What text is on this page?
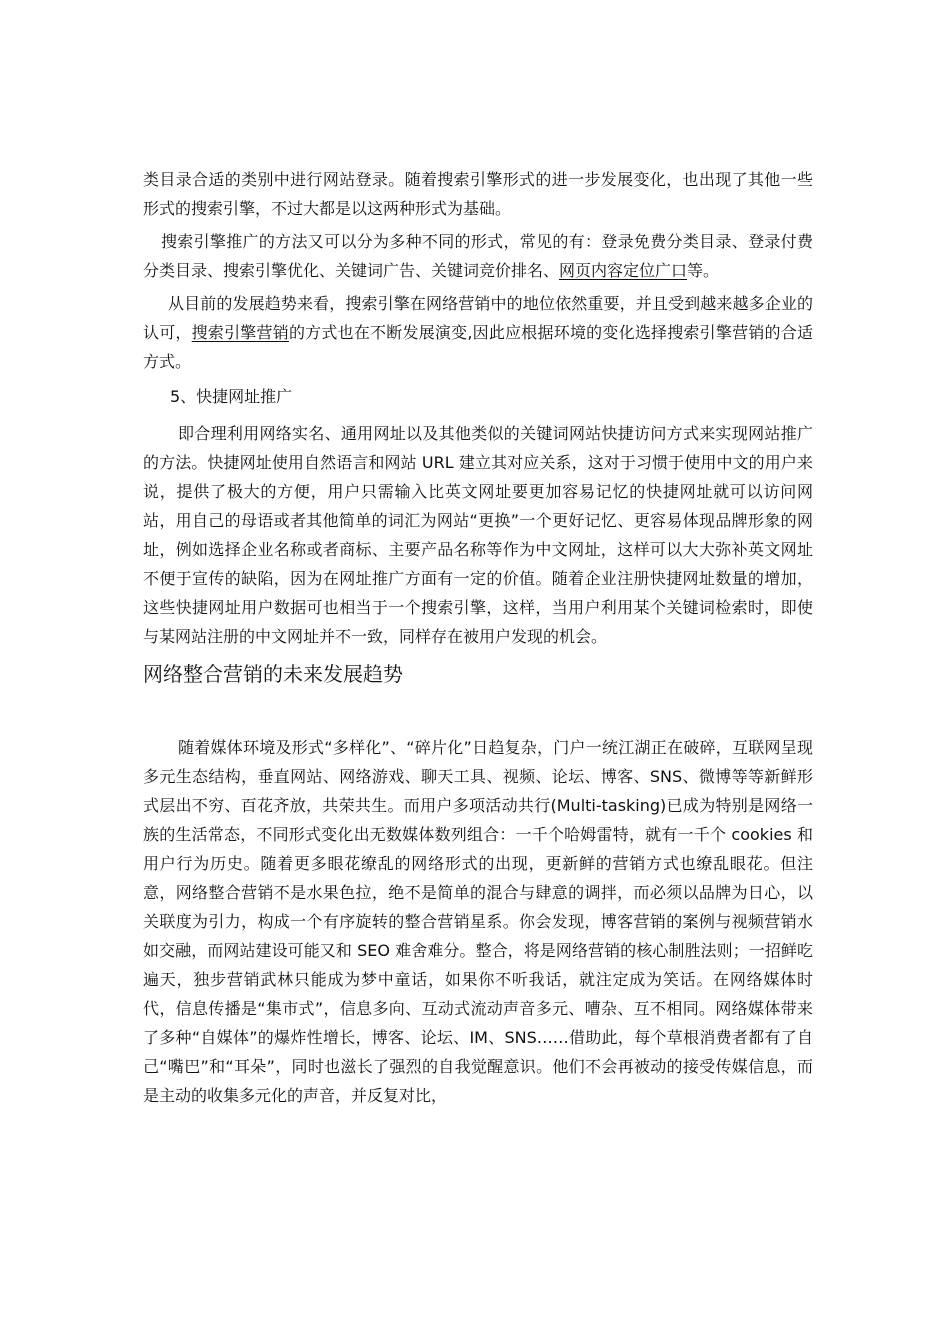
类目录合适的类别中进行网站登录。随着搜索引擎形式的进一步发展变化，也出现了其他一些形式的搜索引擎，不过大都是以这两种形式为基础。

搜索引擎推广的方法又可以分为多种不同的形式，常见的有：登录免费分类目录、登录付费分类目录、搜索引擎优化、关键词广告、关键词竞价排名、网页内容定位广口等。

从目前的发展趋势来看，搜索引擎在网络营销中的地位依然重要，并且受到越来越多企业的认可，搜索引擎营销的方式也在不断发展演变,因此应根据环境的变化选择搜索引擎营销的合适方式。

5、快捷网址推广

即合理利用网络实名、通用网址以及其他类似的关键词网站快捷访问方式来实现网站推广的方法。快捷网址使用自然语言和网站 URL 建立其对应关系，这对于习惯于使用中文的用户来说，提供了极大的方便，用户只需输入比英文网址要更加容易记忆的快捷网址就可以访问网站，用自己的母语或者其他简单的词汇为网站“更换”一个更好记忆、更容易体现品牌形象的网址，例如选择企业名称或者商标、主要产品名称等作为中文网址，这样可以大大弥补英文网址不便于宣传的缺陷，因为在网址推广方面有一定的价值。随着企业注册快捷网址数量的增加，这些快捷网址用户数据可也相当于一个搜索引擎，这样，当用户利用某个关键词检索时，即使与某网站注册的中文网址并不一致，同样存在被用户发现的机会。

网络整合营销的未来发展趋势

随着媒体环境及形式“多样化”、“碎片化”日趋复杂，门户一统江湖正在破碎，互联网呈现多元生态结构，垂直网站、网络游戏、聊天工具、视频、论坛、博客、SNS、微博等等新鲜形式层出不穷、百花齐放，共荣共生。而用户多项活动共行(Multi-tasking)已成为特别是网络一族的生活常态，不同形式变化出无数媒体数列组合：一千个哈姆雷特，就有一千个 cookies 和用户行为历史。随着更多眼花缭乱的网络形式的出现，更新鲜的营销方式也缭乱眼花。但注意，网络整合营销不是水果色拉，绝不是简单的混合与肆意的调拌，而必须以品牌为日心，以关联度为引力，构成一个有序旋转的整合营销星系。你会发现，博客营销的案例与视频营销水如交融，而网站建设可能又和 SEO 难舍难分。整合，将是网络营销的核心制胜法则；一招鲜吃遍天，独步营销武林只能成为梦中童话，如果你不听我话，就注定成为笑话。在网络媒体时代，信息传播是“集市式”，信息多向、互动式流动声音多元、嘈杂、互不相同。网络媒体带来了多种“自媒体”的爆炸性增长，博客、论坛、IM、SNS……借助此，每个草根消费者都有了自己“嘴巴”和“耳朵”，同时也滋长了强烈的自我觉醒意识。他们不会再被动的接受传媒信息，而是主动的收集多元化的声音，并反复对比，
